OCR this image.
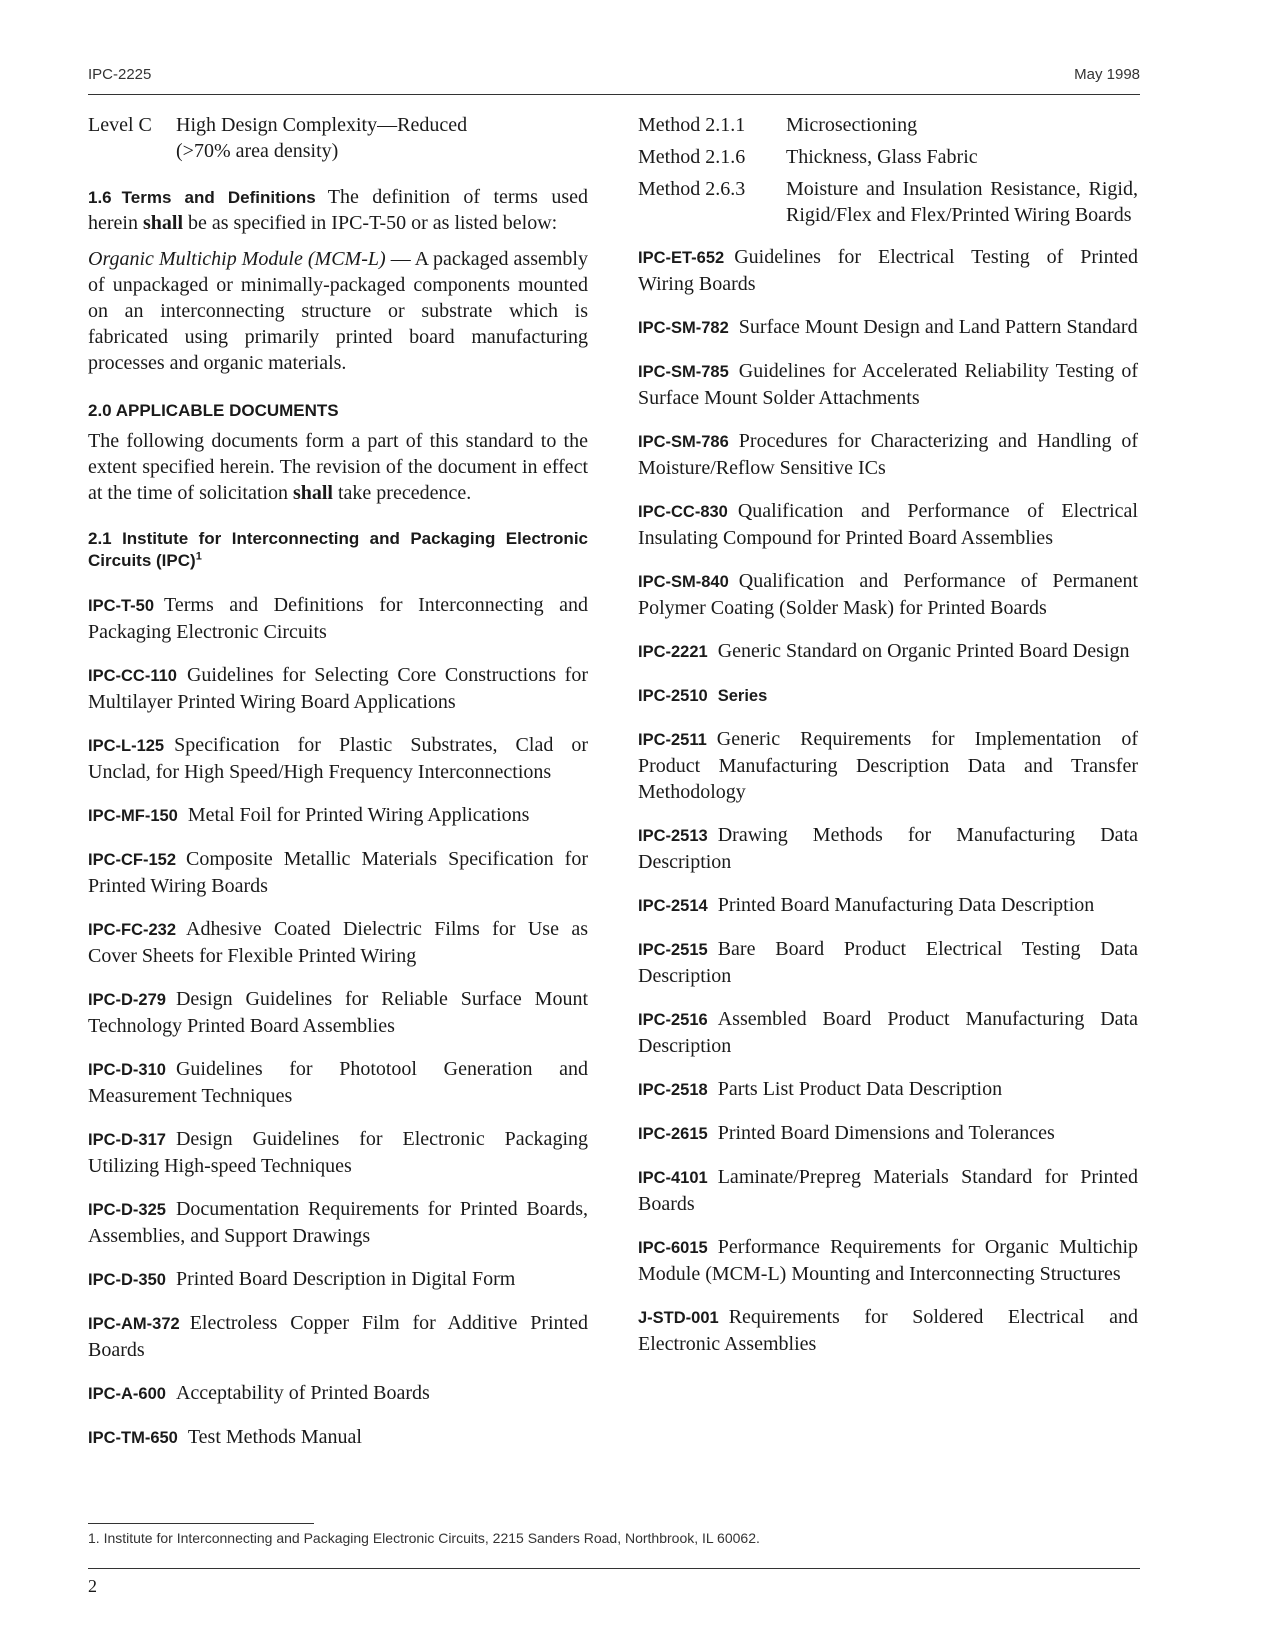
IPC-2225	May 1998
Level C	High Design Complexity—Reduced
(>70% area density)

1.6 Terms and Definitions The definition of terms used herein shall be as specified in IPC-T-50 or as listed below:

Organic Multichip Module (MCM-L) — A packaged assembly of unpackaged or minimally-packaged components mounted on an interconnecting structure or substrate which is fabricated using primarily printed board manufacturing processes and organic materials.

2.0 APPLICABLE DOCUMENTS

The following documents form a part of this standard to the extent specified herein. The revision of the document in effect at the time of solicitation shall take precedence.

2.1 Institute for Interconnecting and Packaging Electronic Circuits (IPC)$^1$

IPC-T-50 Terms and Definitions for Interconnecting and Packaging Electronic Circuits

IPC-CC-110 Guidelines for Selecting Core Constructions for Multilayer Printed Wiring Board Applications

IPC-L-125 Specification for Plastic Substrates, Clad or Unclad, for High Speed/High Frequency Interconnections

IPC-MF-150 Metal Foil for Printed Wiring Applications

IPC-CF-152 Composite Metallic Materials Specification for Printed Wiring Boards

IPC-FC-232 Adhesive Coated Dielectric Films for Use as Cover Sheets for Flexible Printed Wiring

IPC-D-279 Design Guidelines for Reliable Surface Mount Technology Printed Board Assemblies

IPC-D-310 Guidelines for Phototool Generation and Measurement Techniques

IPC-D-317 Design Guidelines for Electronic Packaging Utilizing High-speed Techniques

IPC-D-325 Documentation Requirements for Printed Boards, Assemblies, and Support Drawings

IPC-D-350 Printed Board Description in Digital Form

IPC-AM-372 Electroless Copper Film for Additive Printed Boards

IPC-A-600 Acceptability of Printed Boards

IPC-TM-650 Test Methods Manual

Method 2.1.1	Microsectioning
Method 2.1.6	Thickness, Glass Fabric
Method 2.6.3	Moisture and Insulation Resistance, Rigid, Rigid/Flex and Flex/Printed Wiring Boards

IPC-ET-652 Guidelines for Electrical Testing of Printed Wiring Boards

IPC-SM-782 Surface Mount Design and Land Pattern Standard

IPC-SM-785 Guidelines for Accelerated Reliability Testing of Surface Mount Solder Attachments

IPC-SM-786 Procedures for Characterizing and Handling of Moisture/Reflow Sensitive ICs

IPC-CC-830 Qualification and Performance of Electrical Insulating Compound for Printed Board Assemblies

IPC-SM-840 Qualification and Performance of Permanent Polymer Coating (Solder Mask) for Printed Boards

IPC-2221 Generic Standard on Organic Printed Board Design

IPC-2510 Series

IPC-2511 Generic Requirements for Implementation of Product Manufacturing Description Data and Transfer Methodology

IPC-2513 Drawing Methods for Manufacturing Data Description

IPC-2514 Printed Board Manufacturing Data Description

IPC-2515 Bare Board Product Electrical Testing Data Description

IPC-2516 Assembled Board Product Manufacturing Data Description

IPC-2518 Parts List Product Data Description

IPC-2615 Printed Board Dimensions and Tolerances

IPC-4101 Laminate/Prepreg Materials Standard for Printed Boards

IPC-6015 Performance Requirements for Organic Multichip Module (MCM-L) Mounting and Interconnecting Structures

J-STD-001 Requirements for Soldered Electrical and Electronic Assemblies

1. Institute for Interconnecting and Packaging Electronic Circuits, 2215 Sanders Road, Northbrook, IL 60062.
2
